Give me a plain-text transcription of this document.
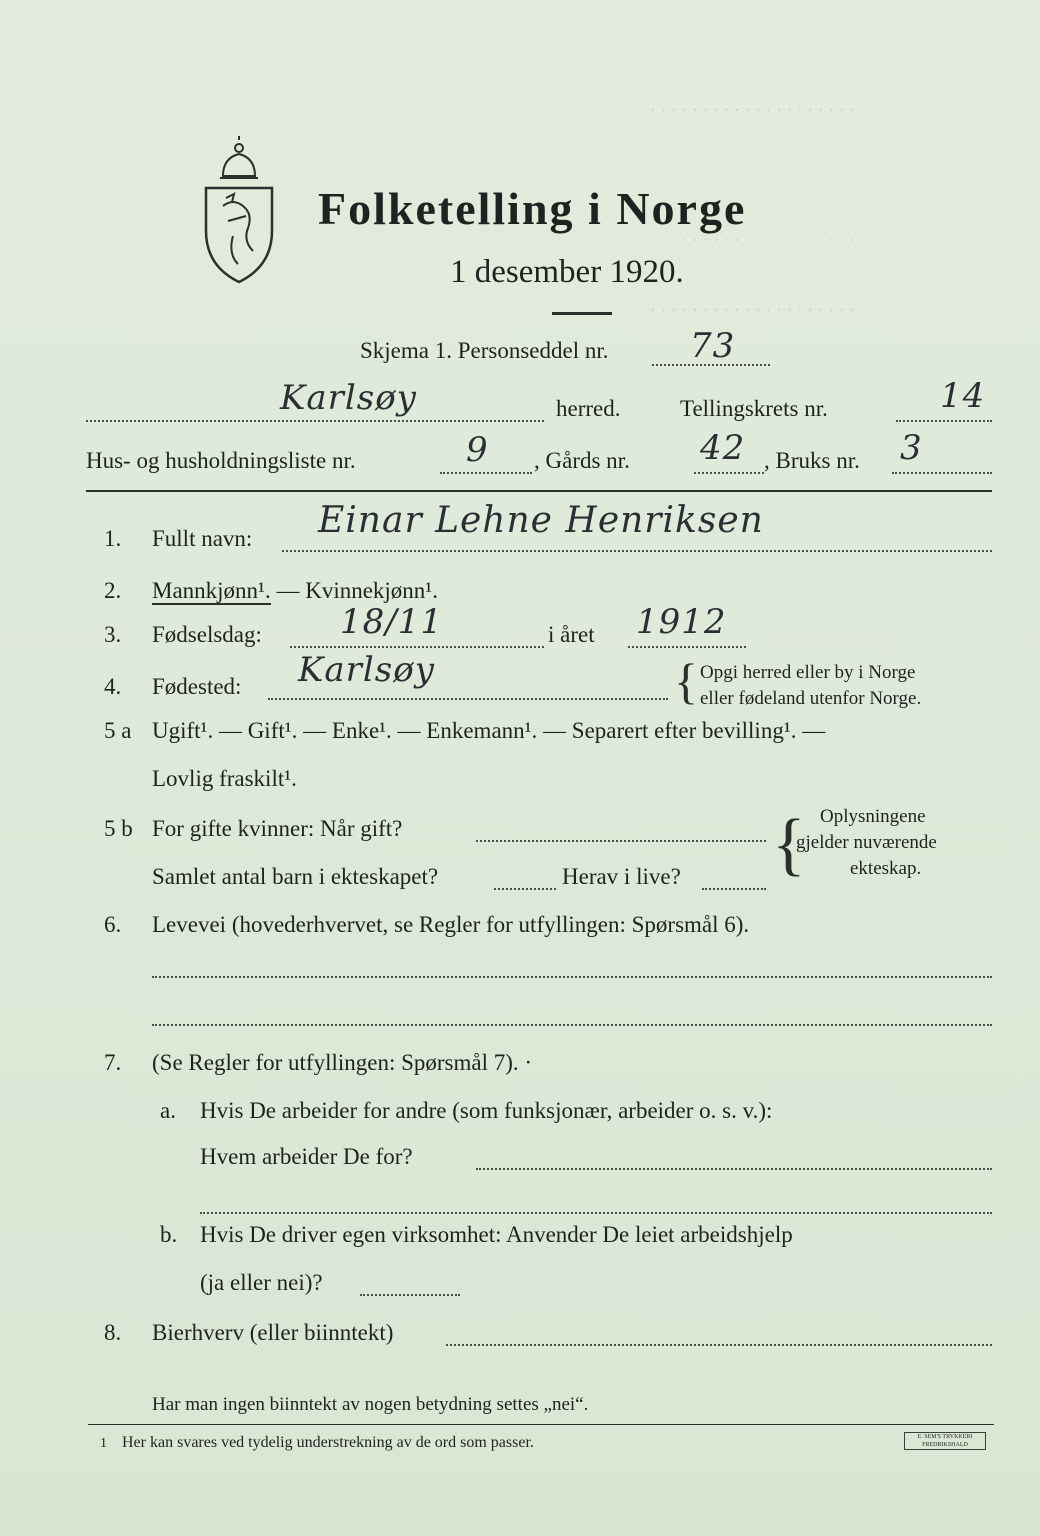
· · · · · · · · · · · · · · · · · · · ·
· · · · · · · · · · · · · · · · · · · ·
· · · · · · · · · · · · · · · · · · · ·
Folketelling i Norge
1 desember 1920.
Skjema 1. Personseddel nr. 73
Karlsøy	herred.	Tellingskrets nr.	14
Hus- og husholdningsliste nr.	9 , Gårds nr. 42 , Bruks nr. 3
1. Fullt navn: Einar Lehne Henriksen
2. Mannkjønn¹. — Kvinnekjønn¹.
3. Fødselsdag: 18/11	i året 1912
4. Fødested: Karlsøy	{ Opgi herred eller by i Norge
eller fødeland utenfor Norge.
5 a Ugift¹. — Gift¹. — Enke¹. — Enkemann¹. — Separert efter bevilling¹. —
Lovlig fraskilt¹.
5 b For gifte kvinner: Når gift?
Samlet antal barn i ekteskapet?	Herav i live? { Oplysningene
gjelder nuværende
ekteskap.
6. Levevei (hovederhvervet, se Regler for utfyllingen: Spørsmål 6).
7. (Se Regler for utfyllingen: Spørsmål 7). ·
a. Hvis De arbeider for andre (som funksjonær, arbeider o. s. v.):
Hvem arbeider De for?
b. Hvis De driver egen virksomhet: Anvender De leiet arbeidshjelp
(ja eller nei)?
8. Bierhverv (eller biinntekt)
Har man ingen biinntekt av nogen betydning settes „nei“.
1 Her kan svares ved tydelig understrekning av de ord som passer.	E. SEM'S TRYKKERI FREDRIKSHALD
